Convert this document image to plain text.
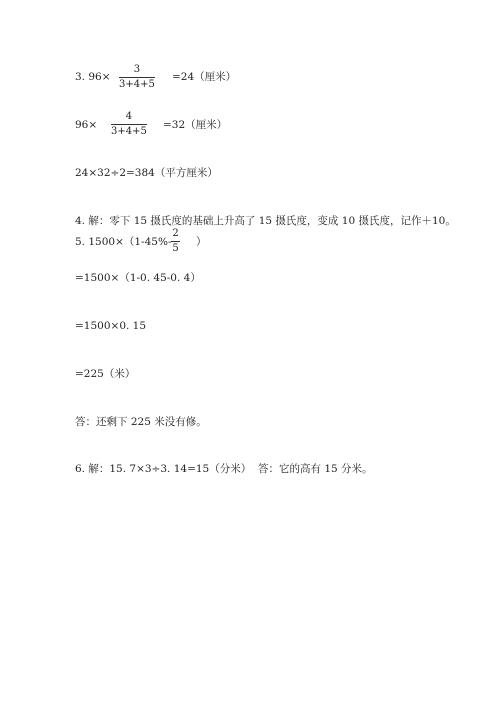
3. 96×
3
3+4+5
=24（厘米）
96×
4
3+4+5
=32（厘米）
24×32÷2=384（平方厘米）
4. 解：零下 15 摄氏度的基础上升高了 15 摄氏度，变成 10 摄氏度，记作＋10。
5. 1500×（1-45%-
2
5
）
=1500×（1-0. 45-0. 4）
=1500×0. 15
=225（米）
答：还剩下 225 米没有修。
6. 解：15. 7×3÷3. 14=15（分米） 答：它的高有 15 分米。
